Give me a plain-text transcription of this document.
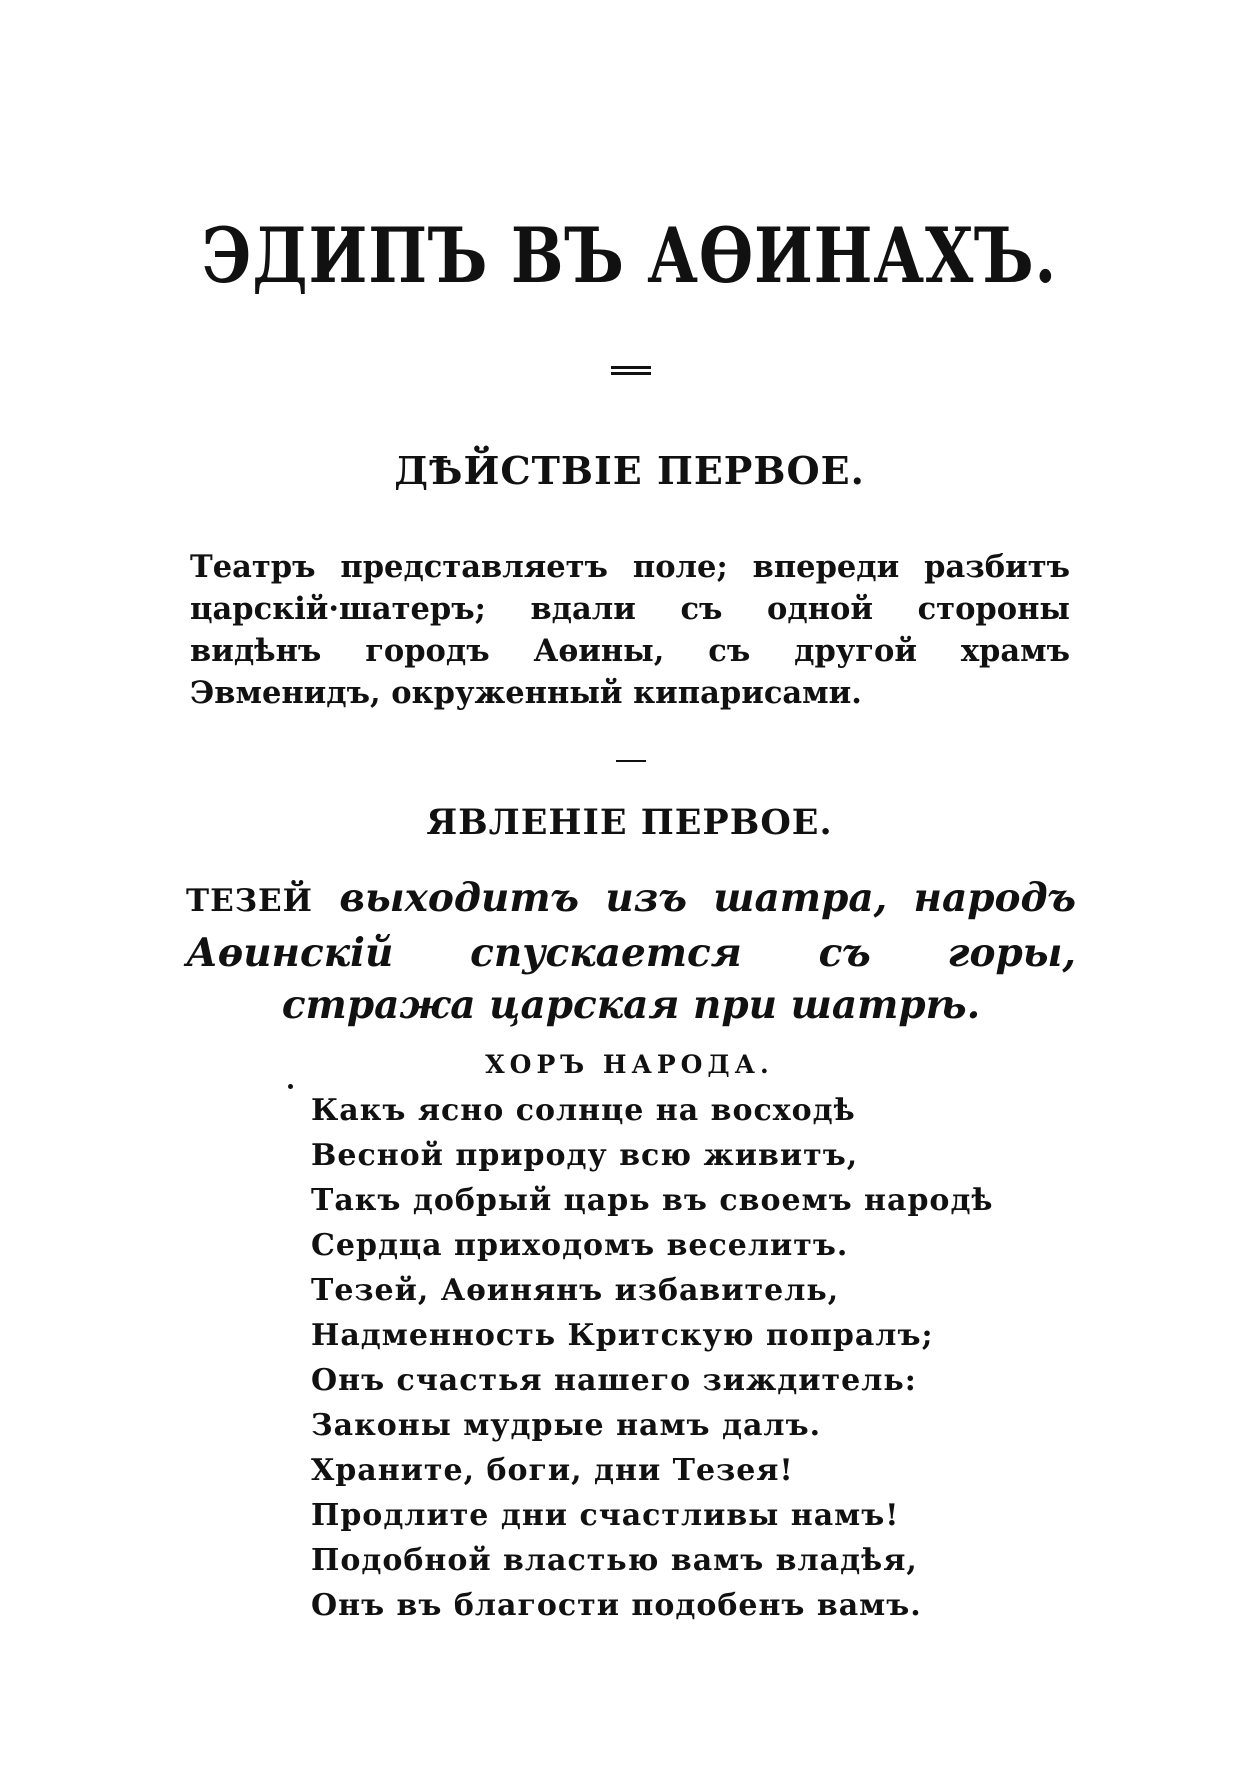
ЭДИПЪ ВЪ АѲИНАХЪ.
ДѢЙСТВІЕ ПЕРВОЕ.
Театръ представляетъ поле; впереди разбитъ царскій·шатеръ; вдали съ одной стороны видѣнъ городъ Аѳины, съ другой храмъ Эвменидъ, окруженный кипарисами.
ЯВЛЕНІЕ ПЕРВОЕ.
ТЕЗЕЙ выходитъ изъ шатра, народъ Аѳинскій спускается съ горы, стража царская при шатрѣ.
ХОРЪ НАРОДА.
Какъ ясно солнце на восходѣ
Весной природу всю живитъ,
Такъ добрый царь въ своемъ народѣ
Сердца приходомъ веселитъ.
Тезей, Аѳинянъ избавитель,
Надменность Критскую попралъ;
Онъ счастья нашего зиждитель:
Законы мудрые намъ далъ.
Храните, боги, дни Тезея!
Продлите дни счастливы намъ!
Подобной властью вамъ владѣя,
Онъ въ благости подобенъ вамъ.
